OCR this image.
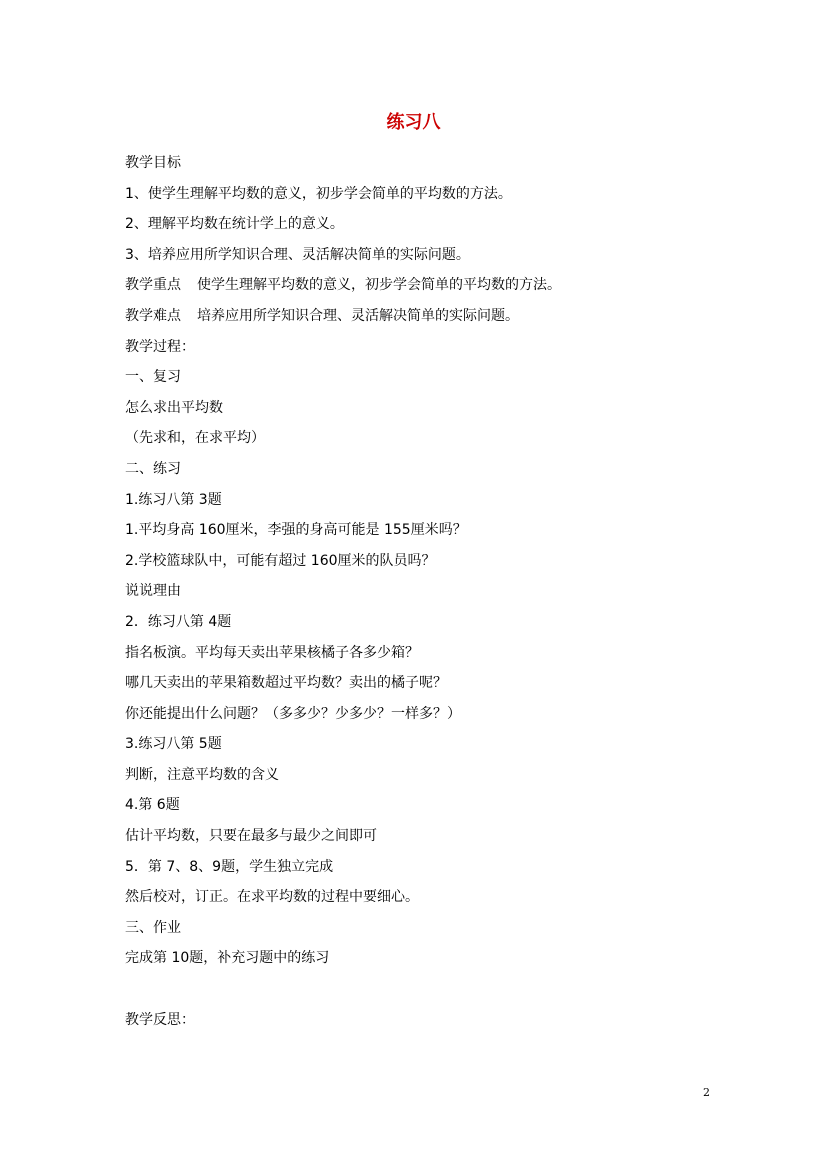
练习八
教学目标
1、使学生理解平均数的意义，初步学会简单的平均数的方法。
2、理解平均数在统计学上的意义。
3、培养应用所学知识合理、灵活解决简单的实际问题。
教学重点 使学生理解平均数的意义，初步学会简单的平均数的方法。
教学难点 培养应用所学知识合理、灵活解决简单的实际问题。
教学过程：
一、复习
怎么求出平均数
（先求和，在求平均）
二、练习
1.练习八第 3题
1.平均身高 160厘米，李强的身高可能是 155厘米吗？
2.学校篮球队中，可能有超过 160厘米的队员吗？
说说理由
2．练习八第 4题
指名板演。平均每天卖出苹果核橘子各多少箱？
哪几天卖出的苹果箱数超过平均数？卖出的橘子呢？
你还能提出什么问题？（多多少？少多少？一样多？）
3.练习八第 5题
判断，注意平均数的含义
4.第 6题
估计平均数，只要在最多与最少之间即可
5．第 7、8、9题，学生独立完成
然后校对，订正。在求平均数的过程中要细心。
三、作业
完成第 10题，补充习题中的练习
教学反思：
2
